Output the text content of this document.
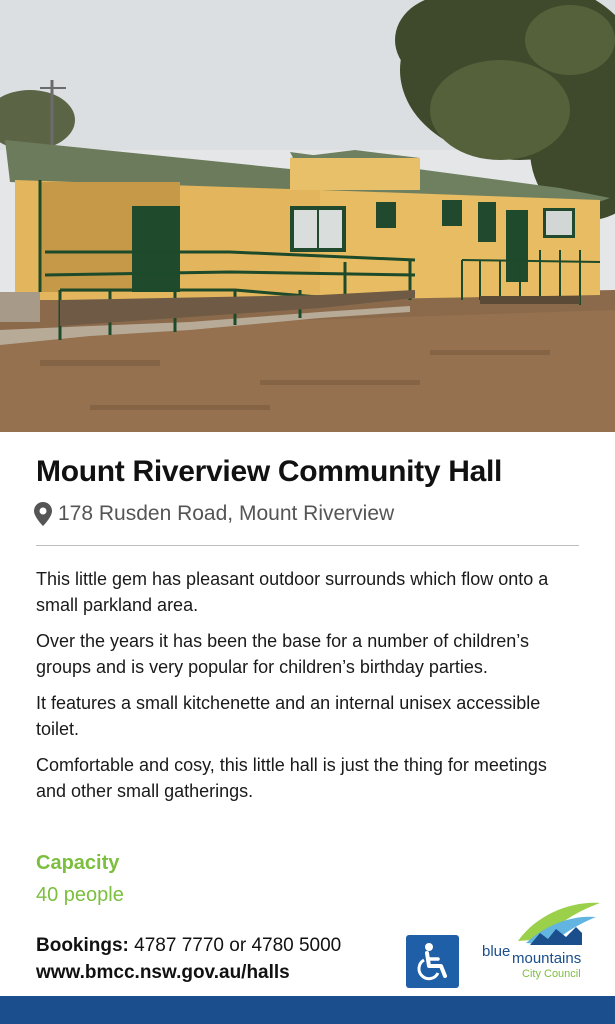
Mount Riverview Community Hall
178 Rusden Road, Mount Riverview

This little gem has pleasant outdoor surrounds which flow onto a small parkland area.

Over the years it has been the base for a number of children’s groups and is very popular for children’s birthday parties.

It features a small kitchenette and an internal unisex accessible toilet.

Comfortable and cosy, this little hall is just the thing for meetings and other small gatherings.

Capacity
40 people
Bookings: 4787 7770 or 4780 5000
www.bmcc.nsw.gov.au/halls
blue mountains
City Council
